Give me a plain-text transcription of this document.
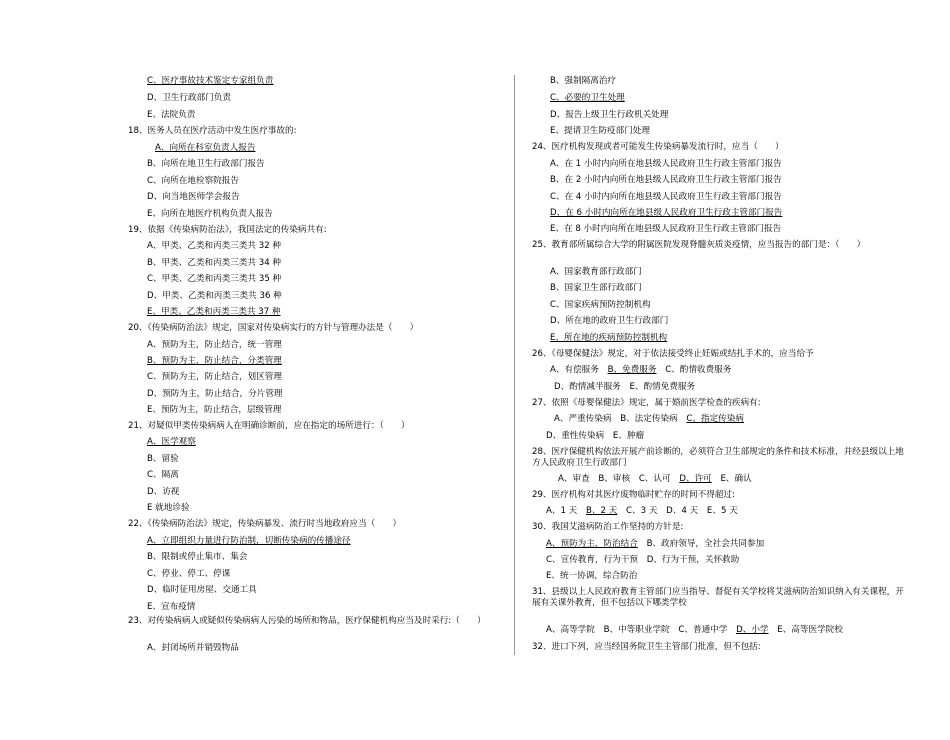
C、医疗事故技术鉴定专家组负责
D、卫生行政部门负责
E、法院负责
18、医务人员在医疗活动中发生医疗事故的:
A、向所在科室负责人报告
B、向所在地卫生行政部门报告
C、向所在地检察院报告
D、向当地医师学会报告
E、向所在地医疗机构负责人报告
19、依据《传染病防治法》，我国法定的传染病共有:
A、甲类、乙类和丙类三类共 32 种
B、甲类、乙类和丙类三类共 34 种
C、甲类、乙类和丙类三类共 35 种
D、甲类、乙类和丙类三类共 36 种
E、甲类、乙类和丙类三类共 37 种
20、《传染病防治法》规定，国家对传染病实行的方针与管理办法是（　　）
A、预防为主，防止结合，统一管理
B、预防为主，防止结合，分类管理
C、预防为主，防止结合，划区管理
D、预防为主，防止结合，分片管理
E、预防为主，防止结合，层级管理
21、对疑似甲类传染病病人在明确诊断前，应在指定的场所进行：（　　）
A、医学观察
B、留验
C、隔离
D、访视
E 就地诊验
22、《传染病防治法》规定，传染病暴发、流行时当地政府应当（　　）
A、立即组织力量进行防治制，切断传染病的传播途径
B、限制或停止集市、集会
C、停业、停工、停课
D、临时征用房屋、交通工具
E、宣布疫情
23、对传染病病人或疑似传染病病人污染的场所和物品，医疗保健机构应当及时采行:（　　）
A、封闭场所并销毁物品
B、强制隔离治疗
C、必要的卫生处理
D、报告上级卫生行政机关处理
E、提请卫生防疫部门处理
24、医疗机构发现或者可能发生传染病暴发流行时，应当（　　）
A、在 1 小时内向所在地县级人民政府卫生行政主管部门报告
B、在 2 小时内向所在地县级人民政府卫生行政主管部门报告
C、在 4 小时内向所在地县级人民政府卫生行政主管部门报告
D、在 6 小时内向所在地县级人民政府卫生行政主管部门报告
E、在 8 小时内向所在地县级人民政府卫生行政主管部门报告
25、教育部所属综合大学的附属医院发现脊髓灰质炎疫情，应当报告的部门是：（　　）
A、国家教育部行政部门
B、国家卫生部行政部门
C、国家疾病预防控制机构
D、所在地的政府卫生行政部门
E、所在地的疾病预防控制机构
26、《母婴保健法》规定，对于依法接受终止妊娠或结扎手术的，应当给予
A、有偿服务 B、免费服务 C、酌情收费服务
D、酌情减半服务 E、酌情免费服务
27、依照《母婴保健法》规定，属于婚前医学检查的疾病有:
A、严重传染病 B、法定传染病 C、指定传染病
D、重性传染病 E、肿瘤
28、医疗保健机构依法开展产前诊断的，必须符合卫生部规定的条件和技术标准，并经县级以上地方人民政府卫生行政部门
A、审查 B、审核 C、认可 D、许可 E、确认
29、医疗机构对其医疗废物临时贮存的时间不得超过:
A、1 天 B、2 天 C、3 天 D、4 天 E、5 天
30、我国艾滋病防治工作坚持的方针是:
A、预防为主，防治结合 B、政府领导，全社会共同参加
C、宣传教育，行为干预 D、行为干预，关怀救助
E、统一协调，综合防治
31、县级以上人民政府教育主管部门应当指导、督促有关学校将艾滋病防治知识纳入有关课程，开展有关课外教育，但不包括以下哪类学校
A、高等学院 B、中等职业学院 C、普通中学 D、小学 E、高等医学院校
32、进口下列，应当经国务院卫生主管部门批准，但不包括:
